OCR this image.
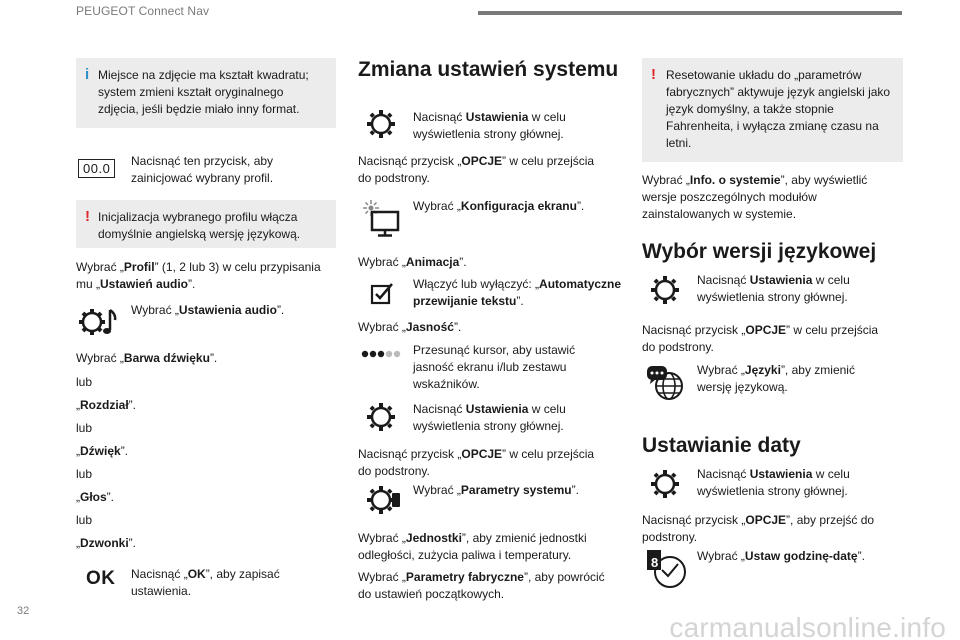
PEUGEOT Connect Nav
i Miejsce na zdjęcie ma kształt kwadratu; system zmieni kształt oryginalnego zdjęcia, jeśli będzie miało inny format.
00.0	Nacisnąć ten przycisk, aby zainicjować wybrany profil.
! Inicjalizacja wybranego profilu włącza domyślnie angielską wersję językową.
Wybrać „Profil” (1, 2 lub 3) w celu przypisania mu „Ustawień audio”.
Wybrać „Ustawienia audio”.
Wybrać „Barwa dźwięku”.
lub
„Rozdział”.
lub
„Dźwięk”.
lub
„Głos”.
lub
„Dzwonki”.
OK Nacisnąć „OK”, aby zapisać ustawienia.
Zmiana ustawień systemu
Nacisnąć Ustawienia w celu wyświetlenia strony głównej.
Nacisnąć przycisk „OPCJE” w celu przejścia do podstrony.
Wybrać „Konfiguracja ekranu”.
Wybrać „Animacja”.
Włączyć lub wyłączyć: „Automatyczne przewijanie tekstu”.
Wybrać „Jasność”.
Przesunąć kursor, aby ustawić jasność ekranu i/lub zestawu wskaźników.
Nacisnąć Ustawienia w celu wyświetlenia strony głównej.
Nacisnąć przycisk „OPCJE” w celu przejścia do podstrony.
Wybrać „Parametry systemu”.
Wybrać „Jednostki”, aby zmienić jednostki odległości, zużycia paliwa i temperatury.
Wybrać „Parametry fabryczne”, aby powrócić do ustawień początkowych.
! Resetowanie układu do „parametrów fabrycznych” aktywuje język angielski jako język domyślny, a także stopnie Fahrenheita, i wyłącza zmianę czasu na letni.
Wybrać „Info. o systemie”, aby wyświetlić wersje poszczególnych modułów zainstalowanych w systemie.
Wybór wersji językowej
Nacisnąć Ustawienia w celu wyświetlenia strony głównej.
Nacisnąć przycisk „OPCJE” w celu przejścia do podstrony.
Wybrać „Języki”, aby zmienić wersję językową.
Ustawianie daty
Nacisnąć Ustawienia w celu wyświetlenia strony głównej.
Nacisnąć przycisk „OPCJE”, aby przejść do podstrony.
8	Wybrać „Ustaw godzinę-datę”.
32
carmanualsonline.info
